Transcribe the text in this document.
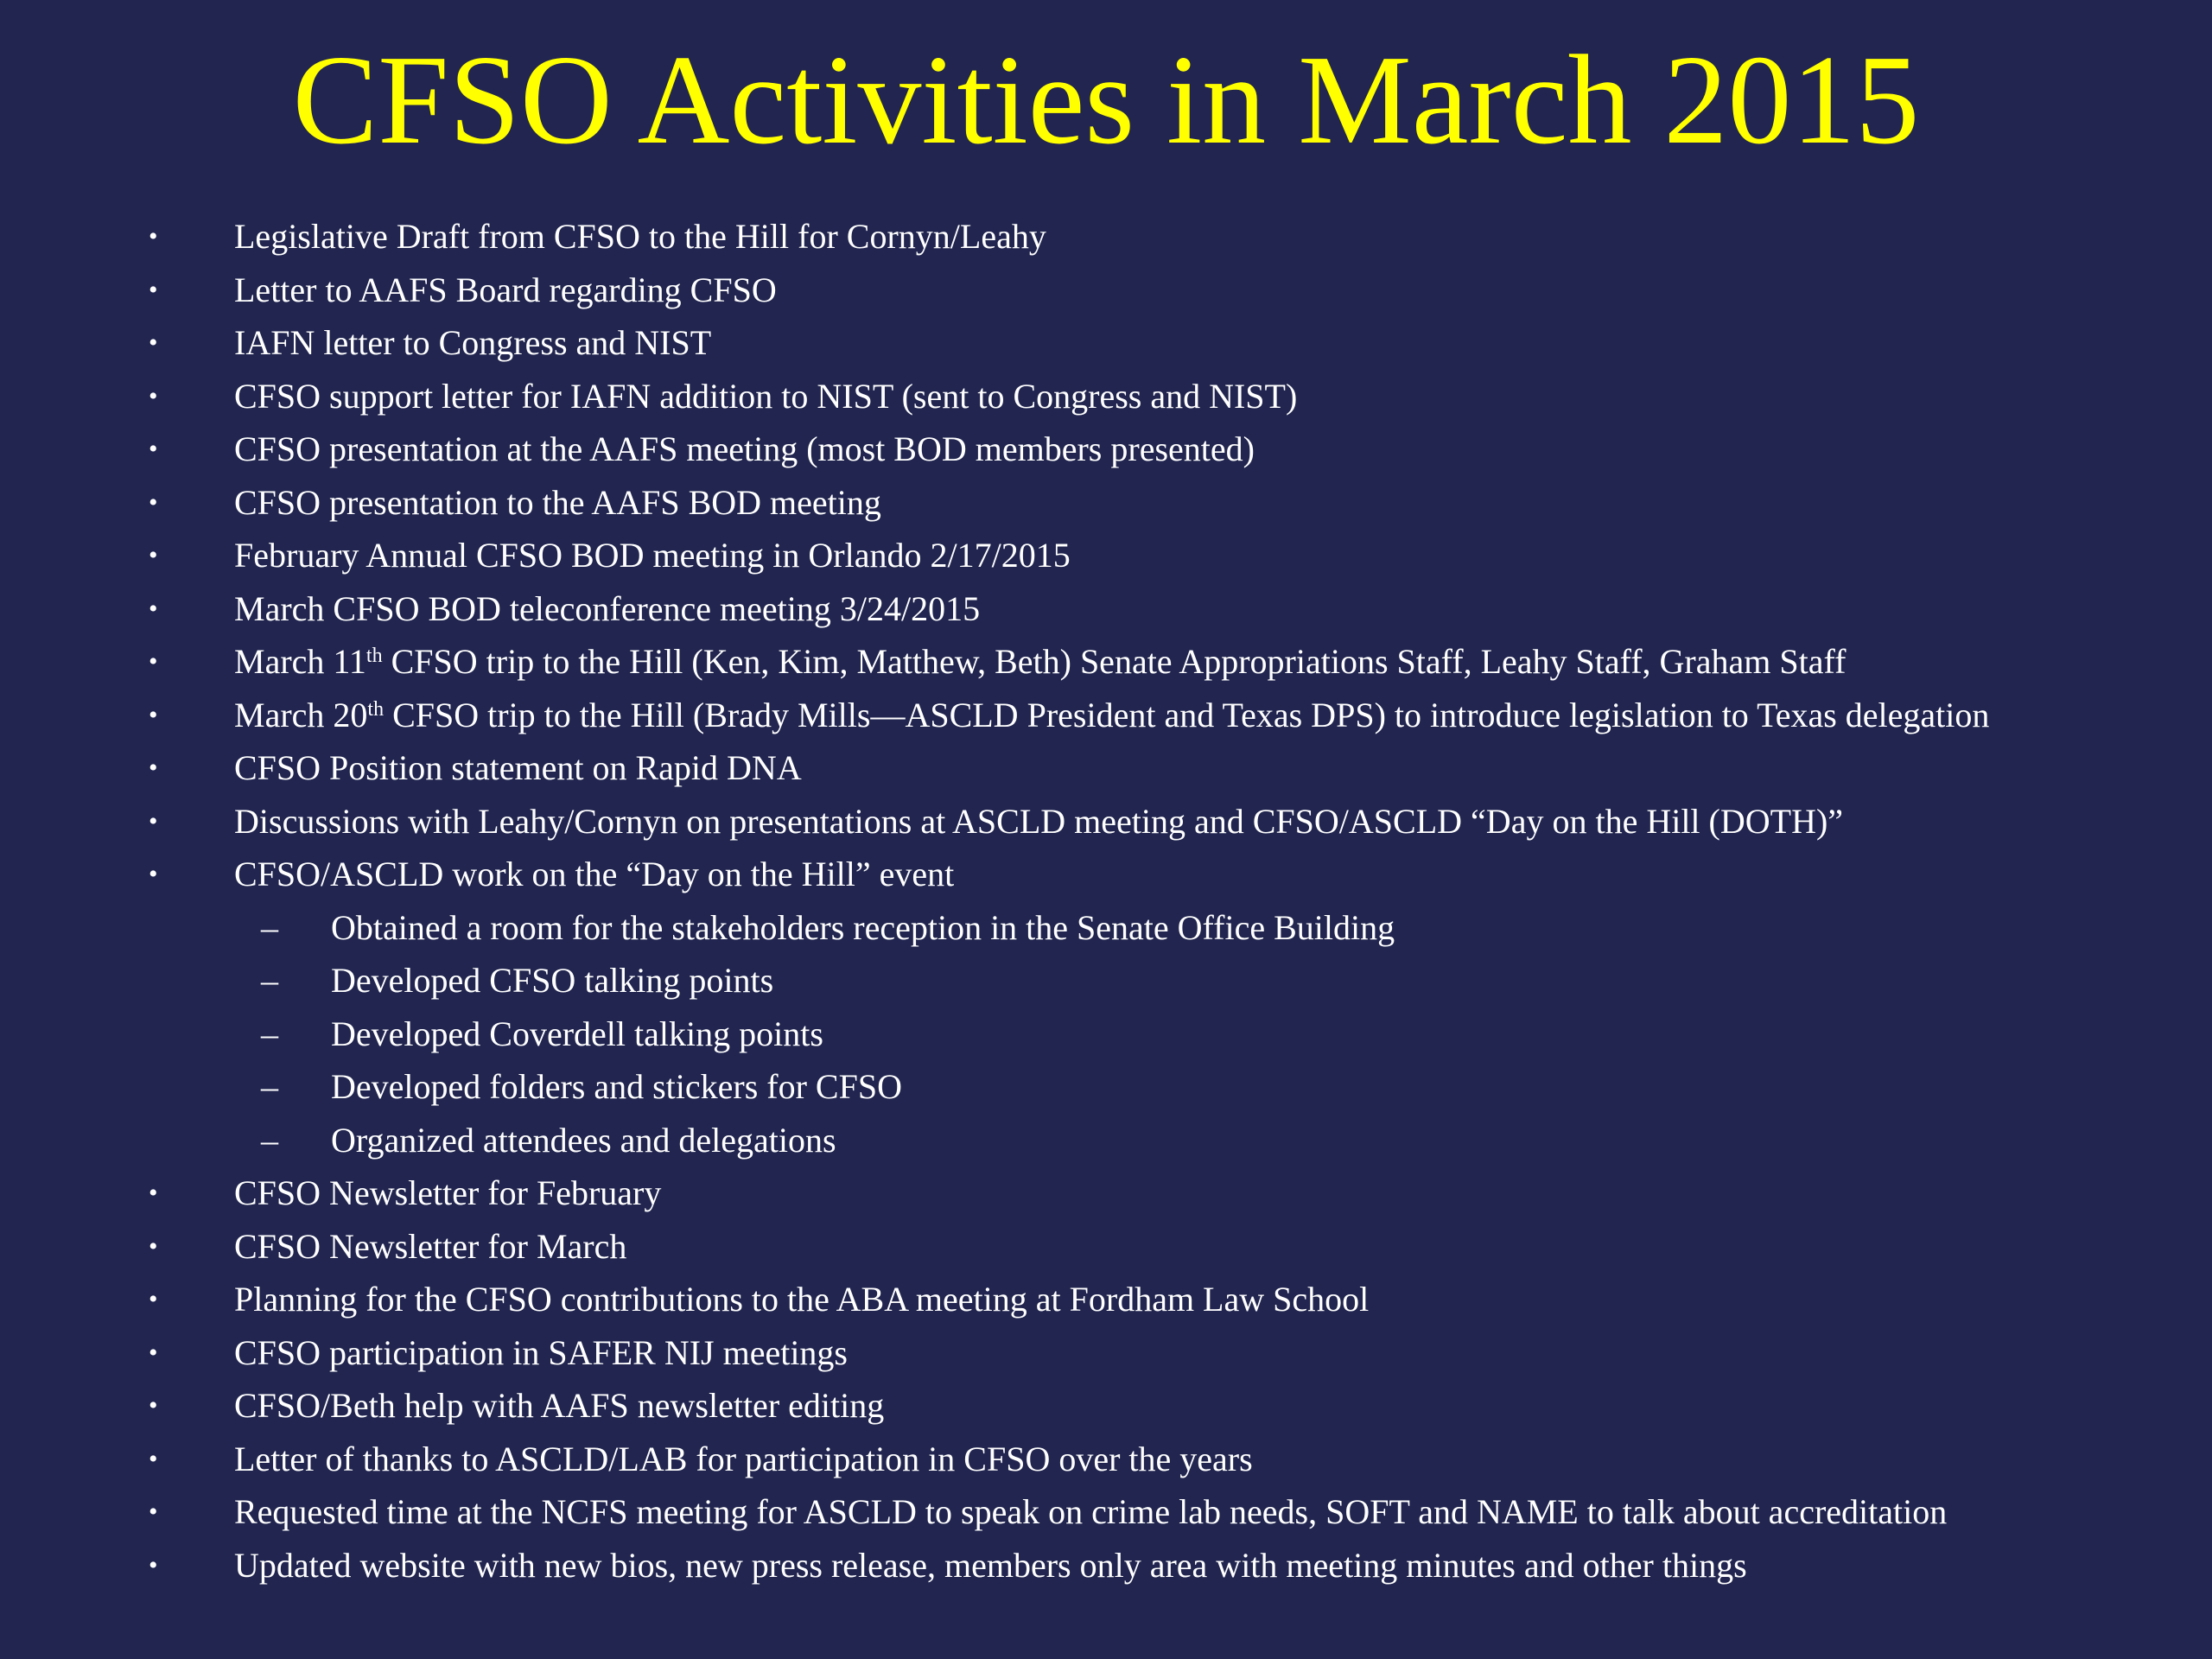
CFSO Activities in March 2015
• Legislative Draft from CFSO to the Hill for Cornyn/Leahy
• Letter to AAFS Board regarding CFSO
• IAFN letter to Congress and NIST
• CFSO support letter for IAFN addition to NIST (sent to Congress and NIST)
• CFSO presentation at the AAFS meeting (most BOD members presented)
• CFSO presentation to the AAFS BOD meeting
• February Annual CFSO BOD meeting in Orlando 2/17/2015
• March CFSO BOD teleconference meeting 3/24/2015
• March 11th CFSO trip to the Hill (Ken, Kim, Matthew, Beth) Senate Appropriations Staff, Leahy Staff, Graham Staff
• March 20th CFSO trip to the Hill (Brady Mills—ASCLD President and Texas DPS) to introduce legislation to Texas delegation
• CFSO Position statement on Rapid DNA
• Discussions with Leahy/Cornyn on presentations at ASCLD meeting and CFSO/ASCLD “Day on the Hill (DOTH)”
• CFSO/ASCLD work on the “Day on the Hill” event
– Obtained a room for the stakeholders reception in the Senate Office Building
– Developed CFSO talking points
– Developed Coverdell talking points
– Developed folders and stickers for CFSO
– Organized attendees and delegations
• CFSO Newsletter for February
• CFSO Newsletter for March
• Planning for the CFSO contributions to the ABA meeting at Fordham Law School
• CFSO participation in SAFER NIJ meetings
• CFSO/Beth help with AAFS newsletter editing
• Letter of thanks to ASCLD/LAB for participation in CFSO over the years
• Requested time at the NCFS meeting for ASCLD to speak on crime lab needs, SOFT and NAME to talk about accreditation
• Updated website with new bios, new press release, members only area with meeting minutes and other things
